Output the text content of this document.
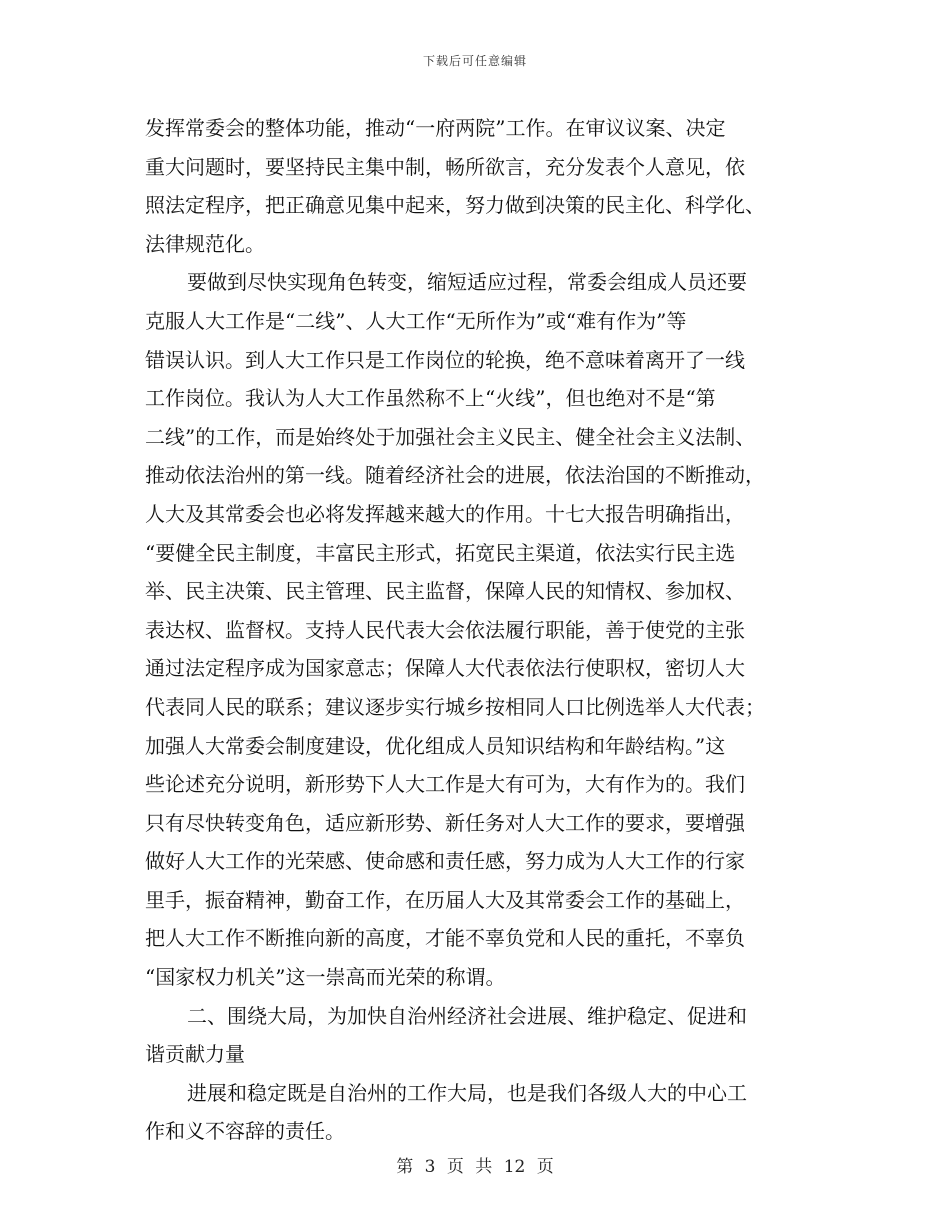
下载后可任意编辑
发挥常委会的整体功能，推动“一府两院”工作。在审议议案、决定
重大问题时，要坚持民主集中制，畅所欲言，充分发表个人意见，依
照法定程序，把正确意见集中起来，努力做到决策的民主化、科学化、
法律规范化。
要做到尽快实现角色转变，缩短适应过程，常委会组成人员还要
克服人大工作是“二线”、人大工作“无所作为”或“难有作为”等
错误认识。到人大工作只是工作岗位的轮换，绝不意味着离开了一线
工作岗位。我认为人大工作虽然称不上“火线”，但也绝对不是“第
二线”的工作，而是始终处于加强社会主义民主、健全社会主义法制、
推动依法治州的第一线。随着经济社会的进展，依法治国的不断推动，
人大及其常委会也必将发挥越来越大的作用。十七大报告明确指出，
“要健全民主制度，丰富民主形式，拓宽民主渠道，依法实行民主选
举、民主决策、民主管理、民主监督，保障人民的知情权、参加权、
表达权、监督权。支持人民代表大会依法履行职能，善于使党的主张
通过法定程序成为国家意志；保障人大代表依法行使职权，密切人大
代表同人民的联系；建议逐步实行城乡按相同人口比例选举人大代表；
加强人大常委会制度建设，优化组成人员知识结构和年龄结构。”这
些论述充分说明，新形势下人大工作是大有可为，大有作为的。我们
只有尽快转变角色，适应新形势、新任务对人大工作的要求，要增强
做好人大工作的光荣感、使命感和责任感，努力成为人大工作的行家
里手，振奋精神，勤奋工作，在历届人大及其常委会工作的基础上，
把人大工作不断推向新的高度，才能不辜负党和人民的重托，不辜负
“国家权力机关”这一崇高而光荣的称谓。
二、围绕大局，为加快自治州经济社会进展、维护稳定、促进和
谐贡献力量
进展和稳定既是自治州的工作大局，也是我们各级人大的中心工
作和义不容辞的责任。
第 3 页 共 12 页
